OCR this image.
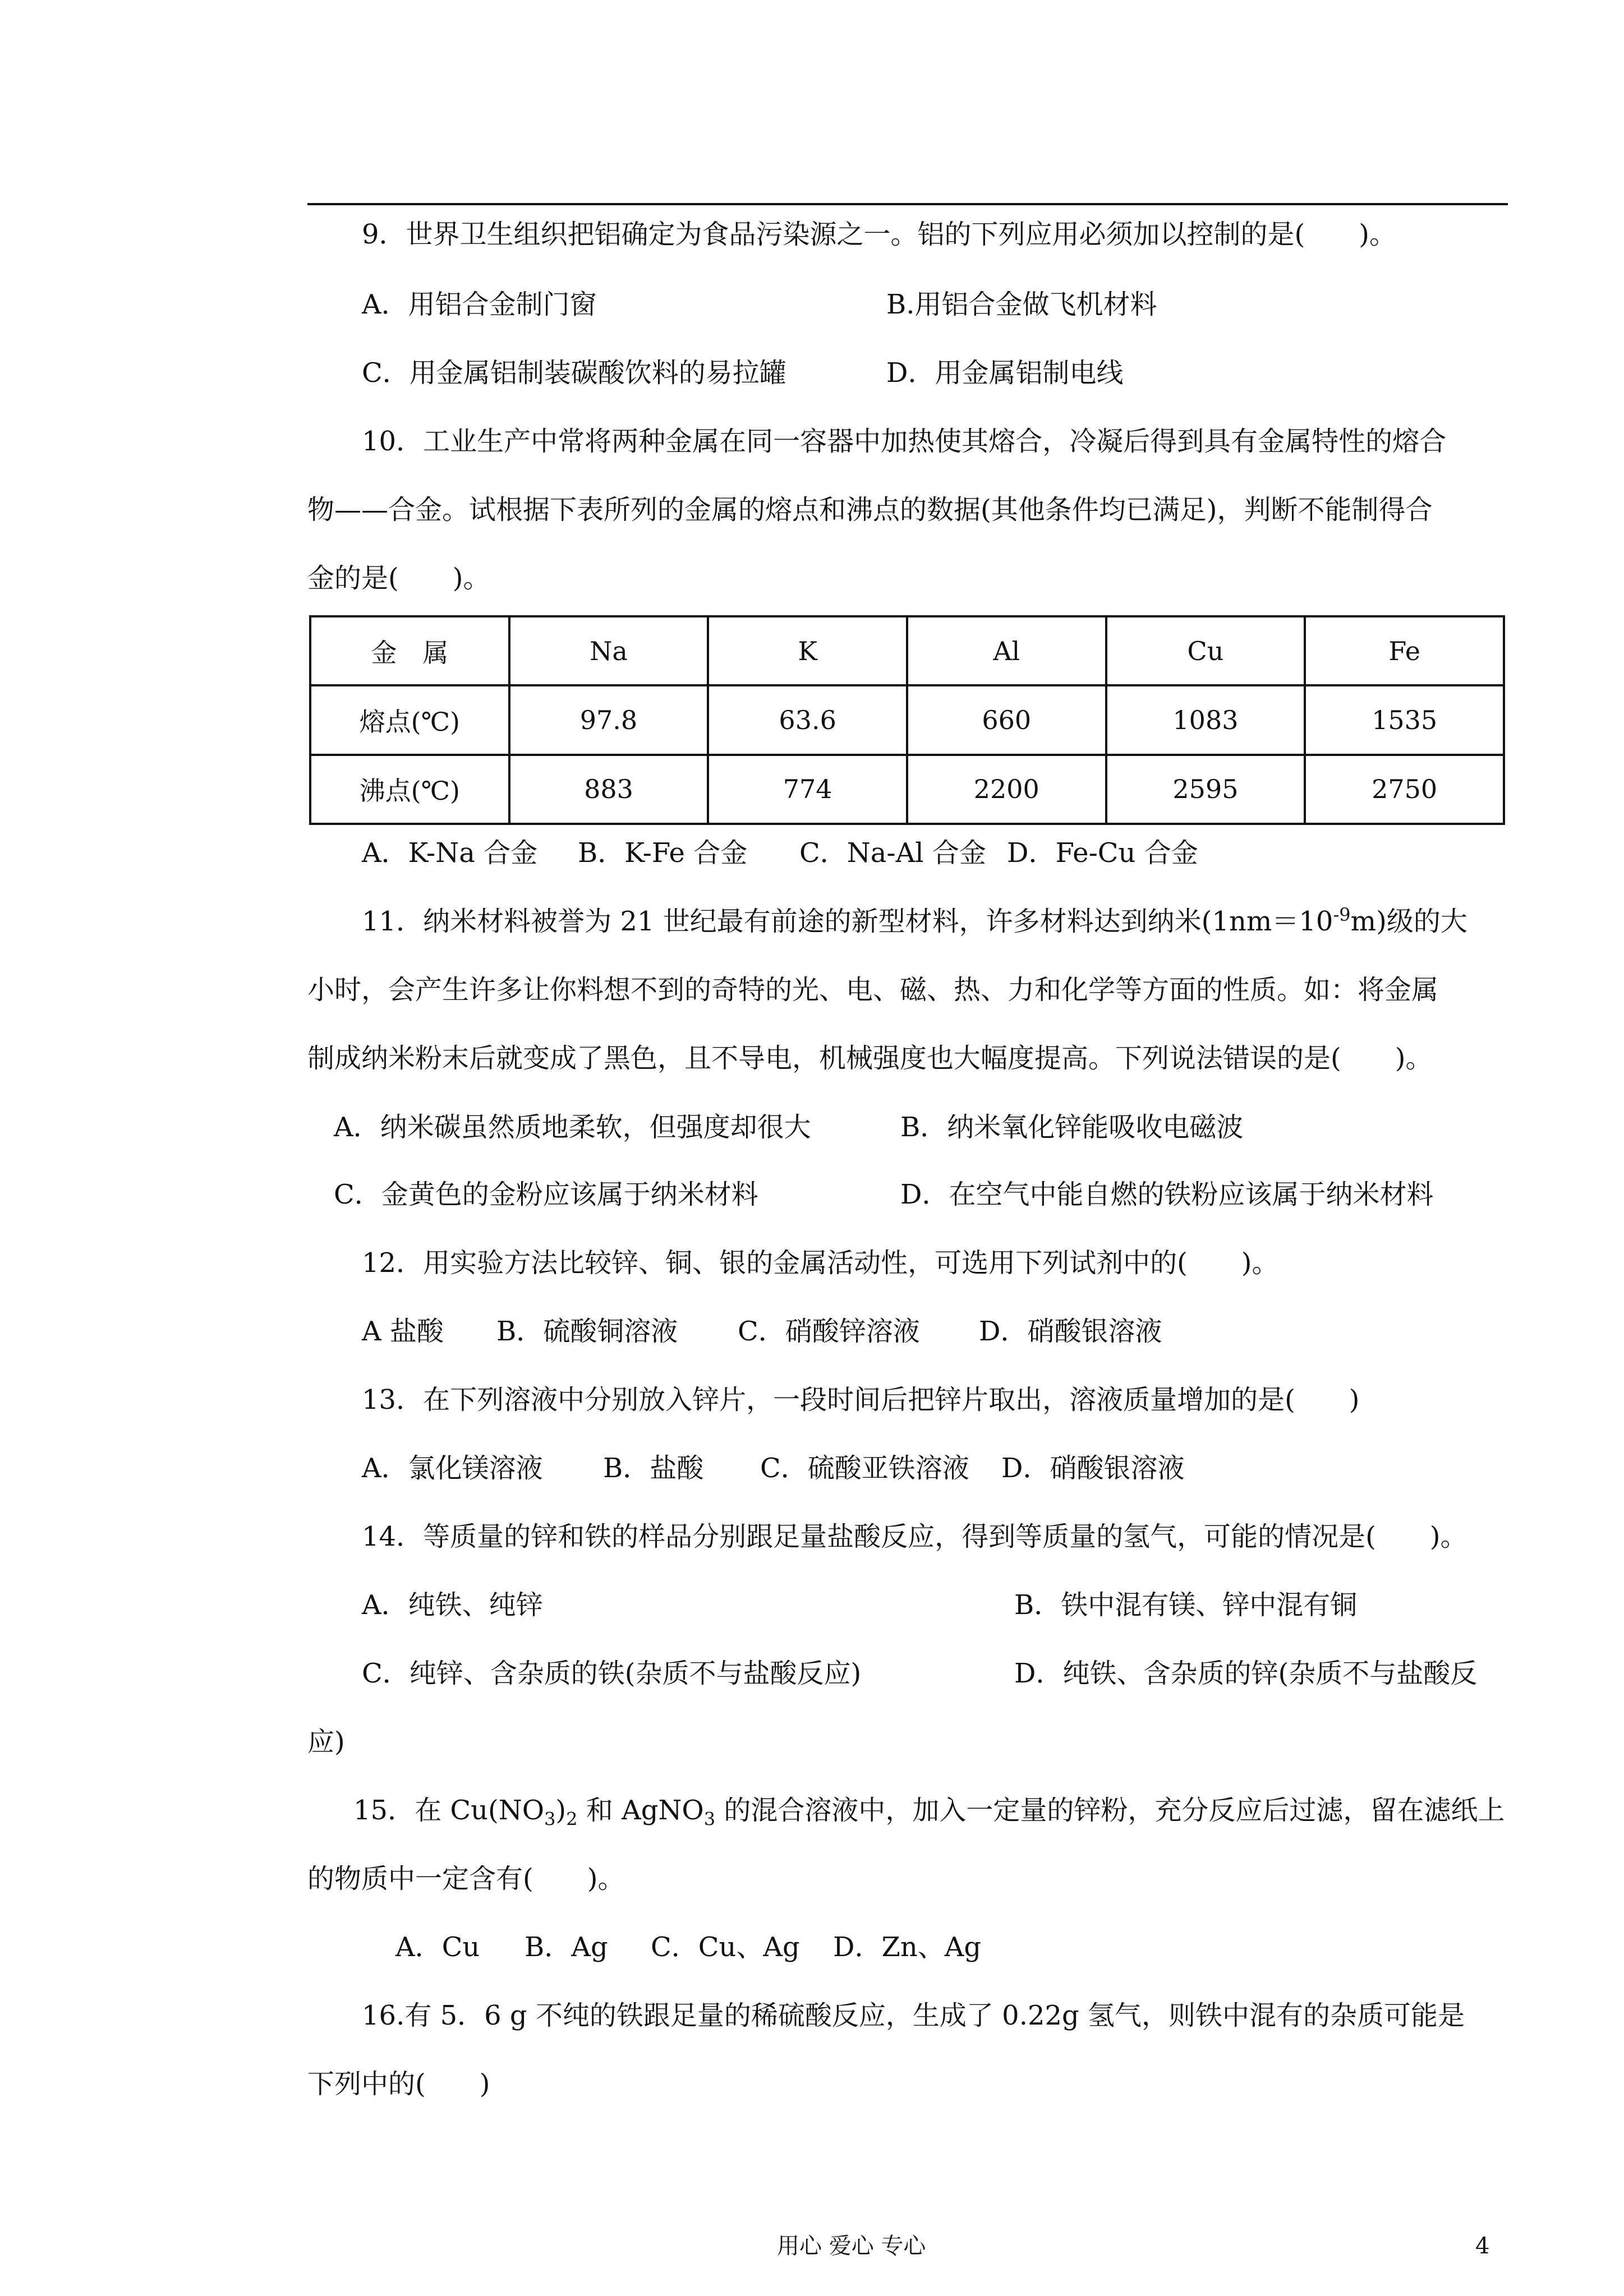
9．世界卫生组织把铝确定为食品污染源之一。铝的下列应用必须加以控制的是(　　)。
A．用铝合金制门窗	B.用铝合金做飞机材料
C．用金属铝制装碳酸饮料的易拉罐	D．用金属铝制电线
10．工业生产中常将两种金属在同一容器中加热使其熔合，冷凝后得到具有金属特性的熔合
物——合金。试根据下表所列的金属的熔点和沸点的数据(其他条件均已满足)，判断不能制得合
金的是(　　)。
金　属	Na	K	Al	Cu	Fe
熔点(℃)	97.8	63.6	660	1083	1535
沸点(℃)	883	774	2200	2595	2750
A．K-Na 合金 B．K-Fe 合金 C．Na-Al 合金 D．Fe-Cu 合金
11．纳米材料被誉为 21 世纪最有前途的新型材料，许多材料达到纳米$(1nm=10^{-9}m)$级的大
小时，会产生许多让你料想不到的奇特的光、电、磁、热、力和化学等方面的性质。如：将金属
制成纳米粉末后就变成了黑色，且不导电，机械强度也大幅度提高。下列说法错误的是(　　)。
A．纳米碳虽然质地柔软，但强度却很大	B．纳米氧化锌能吸收电磁波
C．金黄色的金粉应该属于纳米材料	D．在空气中能自燃的铁粉应该属于纳米材料
12．用实验方法比较锌、铜、银的金属活动性，可选用下列试剂中的(　　)。
A 盐酸 B．硫酸铜溶液 C．硝酸锌溶液 D．硝酸银溶液
13．在下列溶液中分别放入锌片，一段时间后把锌片取出，溶液质量增加的是(　　)
A．氯化镁溶液 B．盐酸 C．硫酸亚铁溶液 D．硝酸银溶液
14．等质量的锌和铁的样品分别跟足量盐酸反应，得到等质量的氢气，可能的情况是(　　)。
A．纯铁、纯锌	B．铁中混有镁、锌中混有铜
C．纯锌、含杂质的铁(杂质不与盐酸反应)	D．纯铁、含杂质的锌(杂质不与盐酸反
应)
15．在 $Cu(NO_3)_2$ 和 AgNO$_3$ 的混合溶液中，加入一定量的锌粉，充分反应后过滤，留在滤纸上
的物质中一定含有(　　)。
A．Cu B．Ag C．Cu、Ag D．Zn、Ag
16.有 5．6 g 不纯的铁跟足量的稀硫酸反应，生成了 0.22g 氢气，则铁中混有的杂质可能是
下列中的(　　)
用心 爱心 专心	4
